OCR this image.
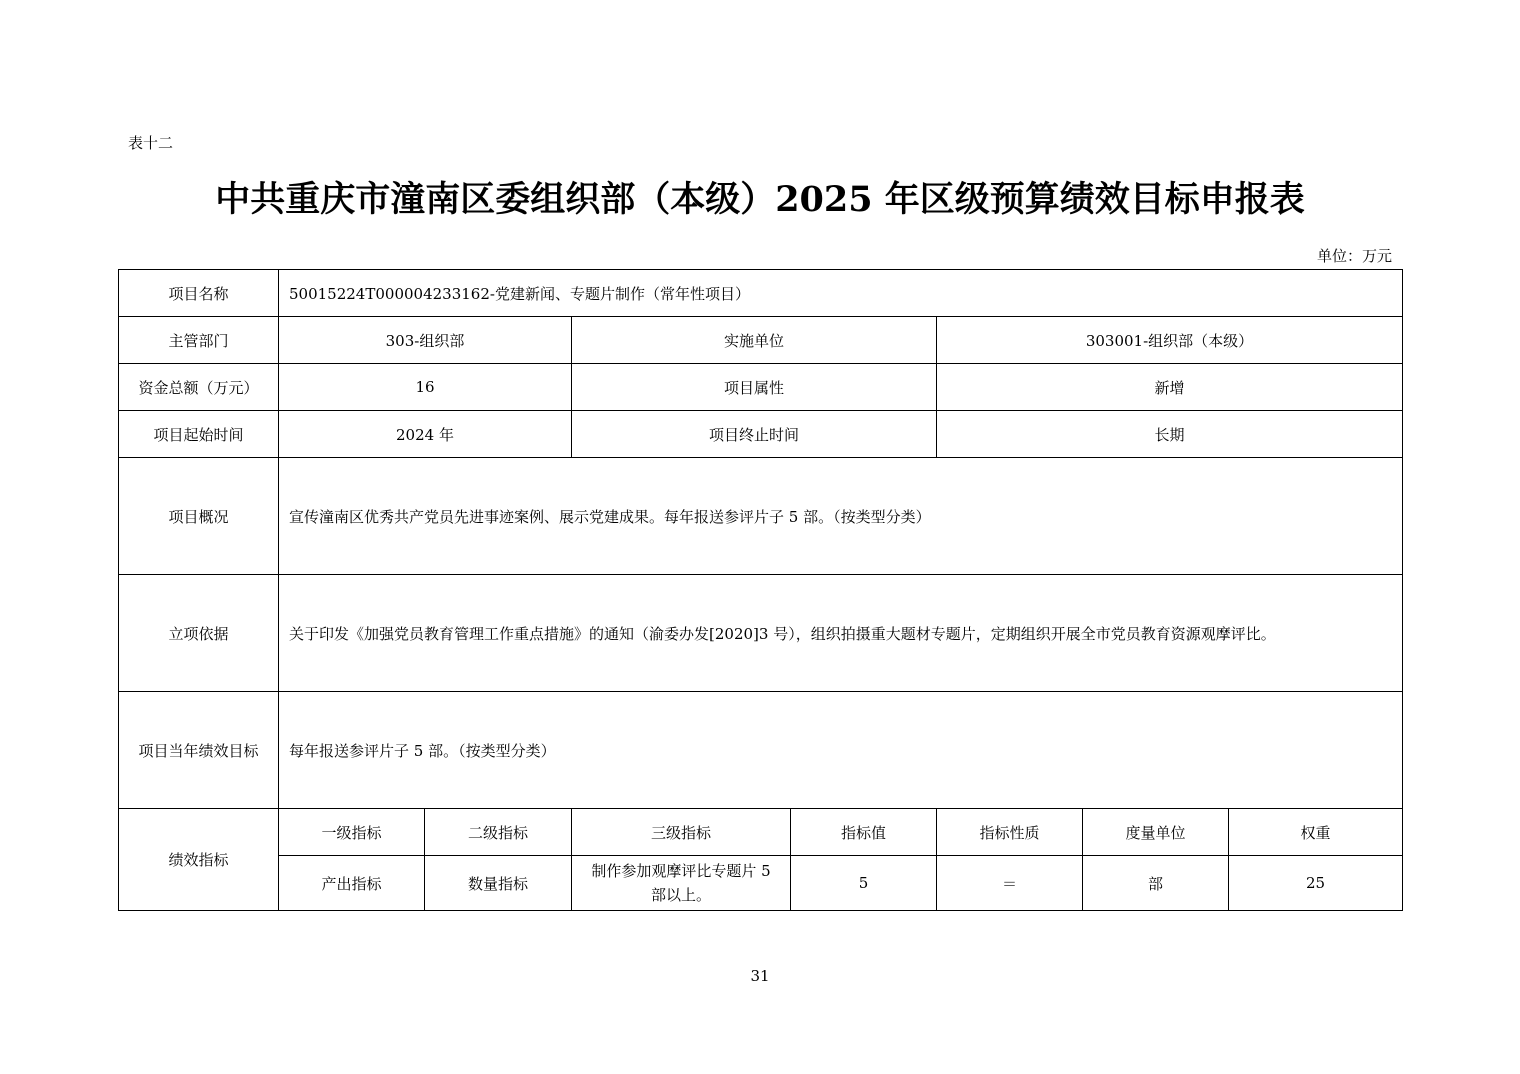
表十二
中共重庆市潼南区委组织部（本级）2025 年区级预算绩效目标申报表
单位：万元
项目名称	50015224T000004233162-党建新闻、专题片制作（常年性项目）						
主管部门	303-组织部		实施单位		303001-组织部（本级）		
资金总额（万元）	16		项目属性		新增		
项目起始时间	2024 年		项目终止时间		长期		
项目概况	宣传潼南区优秀共产党员先进事迹案例、展示党建成果。每年报送参评片子 5 部。（按类型分类）						
立项依据	关于印发《加强党员教育管理工作重点措施》的通知（渝委办发[2020]3 号），组织拍摄重大题材专题片，定期组织开展全市党员教育资源观摩评比。						
项目当年绩效目标	每年报送参评片子 5 部。（按类型分类）						
绩效指标	一级指标	二级指标	三级指标	指标值	指标性质	度量单位	权重
	产出指标	数量指标	制作参加观摩评比专题片 5 部以上。	5	＝	部	25
31
